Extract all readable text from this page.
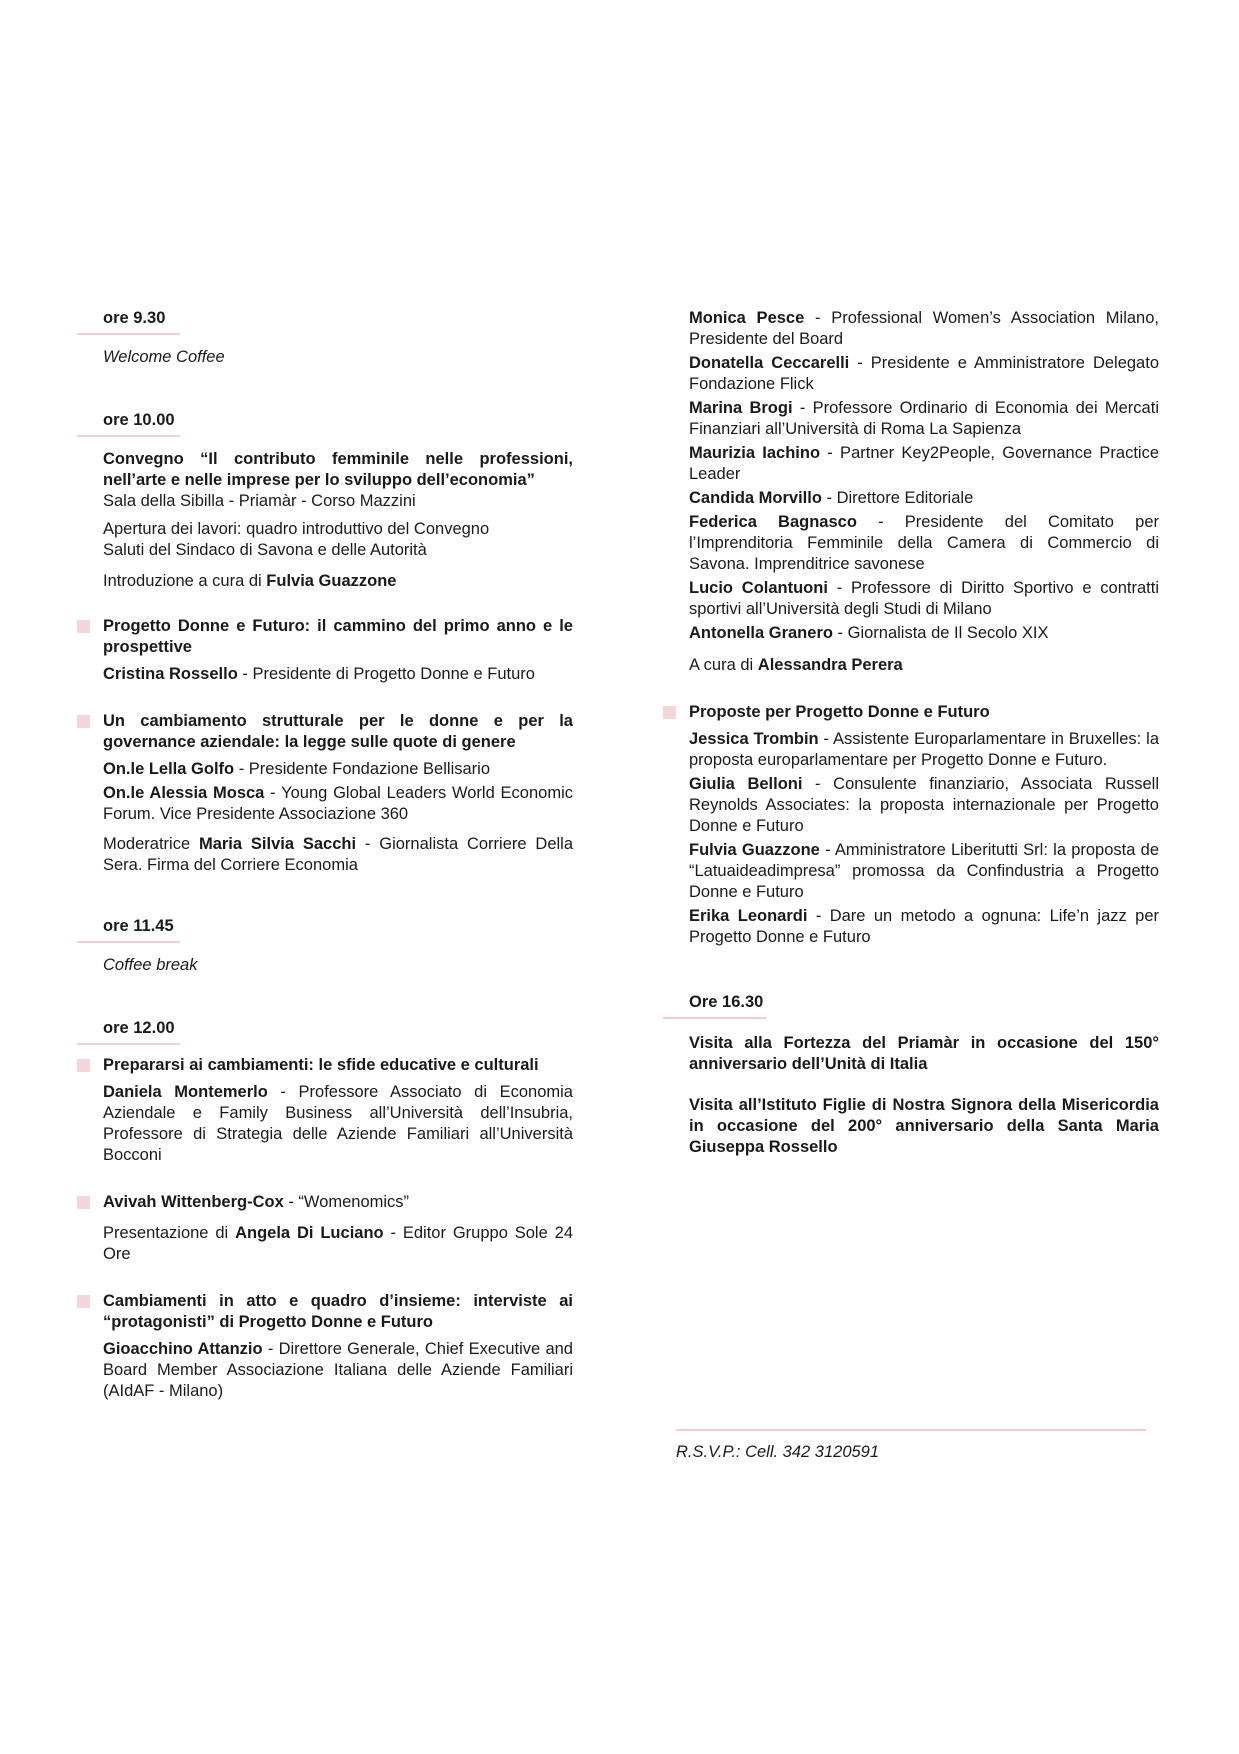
ore 9.30
Welcome Coffee
ore 10.00

Convegno “Il contributo femminile nelle professioni, nell’arte e nelle imprese per lo sviluppo dell’economia”

Sala della Sibilla - Priamàr - Corso Mazzini

Apertura dei lavori: quadro introduttivo del Convegno

Saluti del Sindaco di Savona e delle Autorità

Introduzione a cura di Fulvia Guazzone

Progetto Donne e Futuro: il cammino del primo anno e le prospettive

Cristina Rossello - Presidente di Progetto Donne e Futuro

Un cambiamento strutturale per le donne e per la governance aziendale: la legge sulle quote di genere

On.le Lella Golfo - Presidente Fondazione Bellisario

On.le Alessia Mosca - Young Global Leaders World Economic Forum. Vice Presidente Associazione 360

Moderatrice Maria Silvia Sacchi - Giornalista Corriere Della Sera. Firma del Corriere Economia

ore 11.45
Coffee break
ore 12.00

Prepararsi ai cambiamenti: le sfide educative e culturali

Daniela Montemerlo - Professore Associato di Economia Aziendale e Family Business all’Università dell’Insubria, Professore di Strategia delle Aziende Familiari all’Università Bocconi

Avivah Wittenberg-Cox - “Womenomics”

Presentazione di Angela Di Luciano - Editor Gruppo Sole 24 Ore

Cambiamenti in atto e quadro d’insieme: interviste ai “protagonisti” di Progetto Donne e Futuro

Gioacchino Attanzio - Direttore Generale, Chief Executive and Board Member Associazione Italiana delle Aziende Familiari (AIdAF - Milano)

Monica Pesce - Professional Women’s Association Milano, Presidente del Board

Donatella Ceccarelli - Presidente e Amministratore Delegato Fondazione Flick

Marina Brogi - Professore Ordinario di Economia dei Mercati Finanziari all’Università di Roma La Sapienza

Maurizia Iachino - Partner Key2People, Governance Practice Leader

Candida Morvillo - Direttore Editoriale

Federica Bagnasco - Presidente del Comitato per l’Imprenditoria Femminile della Camera di Commercio di Savona. Imprenditrice savonese

Lucio Colantuoni - Professore di Diritto Sportivo e contratti sportivi all’Università degli Studi di Milano

Antonella Granero - Giornalista de Il Secolo XIX

A cura di Alessandra Perera

Proposte per Progetto Donne e Futuro

Jessica Trombin - Assistente Europarlamentare in Bruxelles: la proposta europarlamentare per Progetto Donne e Futuro.

Giulia Belloni - Consulente finanziario, Associata Russell Reynolds Associates: la proposta internazionale per Progetto Donne e Futuro

Fulvia Guazzone - Amministratore Liberitutti Srl: la proposta de “Latuaideadimpresa” promossa da Confindustria a Progetto Donne e Futuro

Erika Leonardi - Dare un metodo a ognuna: Life’n jazz per Progetto Donne e Futuro

Ore 16.30

Visita alla Fortezza del Priamàr in occasione del 150° anniversario dell’Unità di Italia

Visita all’Istituto Figlie di Nostra Signora della Misericordia in occasione del 200° anniversario della Santa Maria Giuseppa Rossello

R.S.V.P.: Cell. 342 3120591
